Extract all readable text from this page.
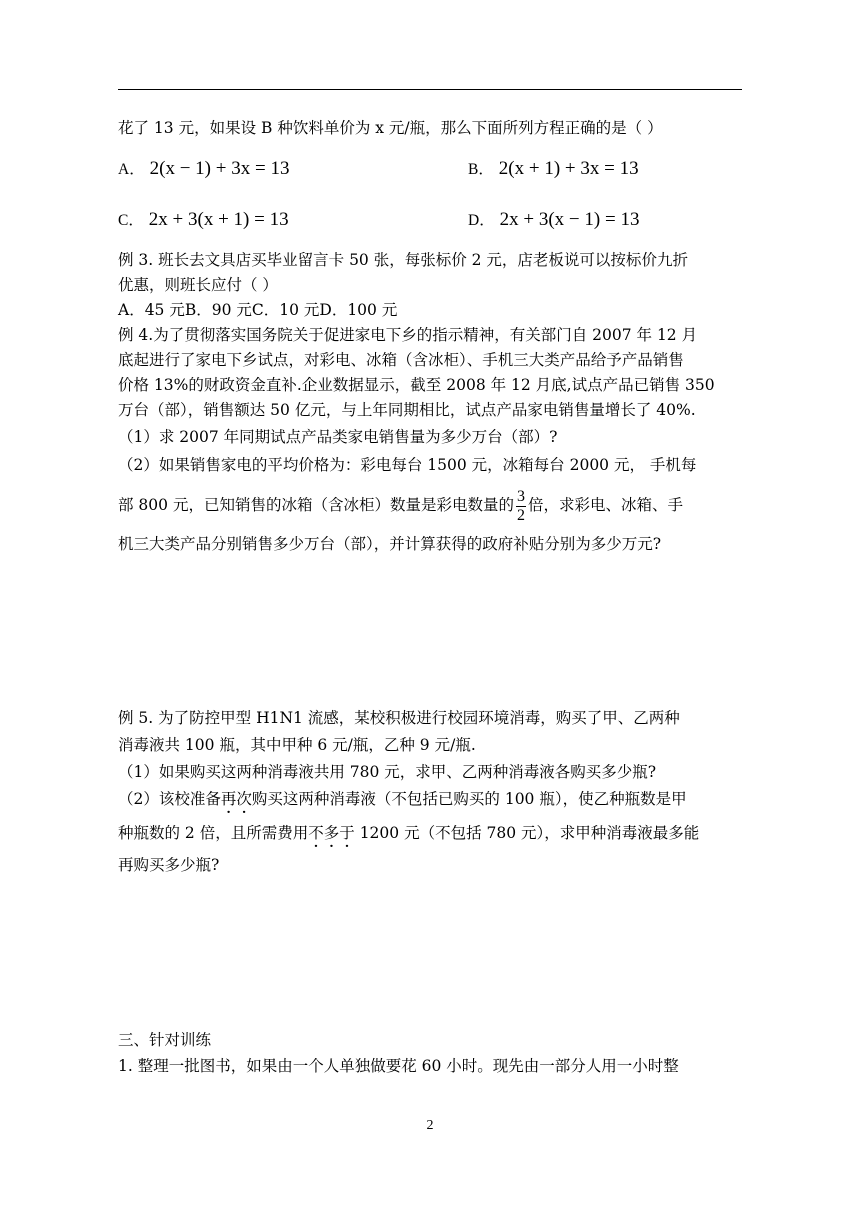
花了 13 元，如果设 B 种饮料单价为 x 元/瓶，那么下面所列方程正确的是（ ）
A． 2(x − 1) + 3x = 13	B． 2(x + 1) + 3x = 13
C． 2x + 3(x + 1) = 13	D． 2x + 3(x − 1) = 13
例 3. 班长去文具店买毕业留言卡 50 张，每张标价 2 元，店老板说可以按标价九折
优惠，则班长应付（ ）
A．45 元B．90 元C．10 元D．100 元
例 4.为了贯彻落实国务院关于促进家电下乡的指示精神，有关部门自 2007 年 12 月
底起进行了家电下乡试点，对彩电、冰箱（含冰柜）、手机三大类产品给予产品销售
价格 13%的财政资金直补.企业数据显示，截至 2008 年 12 月底,试点产品已销售 350
万台（部），销售额达 50 亿元，与上年同期相比，试点产品家电销售量增长了 40%.
（1）求 2007 年同期试点产品类家电销售量为多少万台（部）?
（2）如果销售家电的平均价格为：彩电每台 1500 元，冰箱每台 2000 元， 手机每
部 800 元，已知销售的冰箱（含冰柜）数量是彩电数量的 $\frac{3}{2}$ 倍，求彩电、冰箱、手
机三大类产品分别销售多少万台（部），并计算获得的政府补贴分别为多少万元?
例 5. 为了防控甲型 H1N1 流感，某校积极进行校园环境消毒，购买了甲、乙两种
消毒液共 100 瓶，其中甲种 6 元/瓶，乙种 9 元/瓶.
（1）如果购买这两种消毒液共用 780 元，求甲、乙两种消毒液各购买多少瓶?
（2）该校准备再次购买这两种消毒液（不包括已购买的 100 瓶），使乙种瓶数是甲
种瓶数的 2 倍，且所需费用不多于 1200 元（不包括 780 元），求甲种消毒液最多能
再购买多少瓶?
三、针对训练
1. 整理一批图书，如果由一个人单独做要花 60 小时。现先由一部分人用一小时整
2
